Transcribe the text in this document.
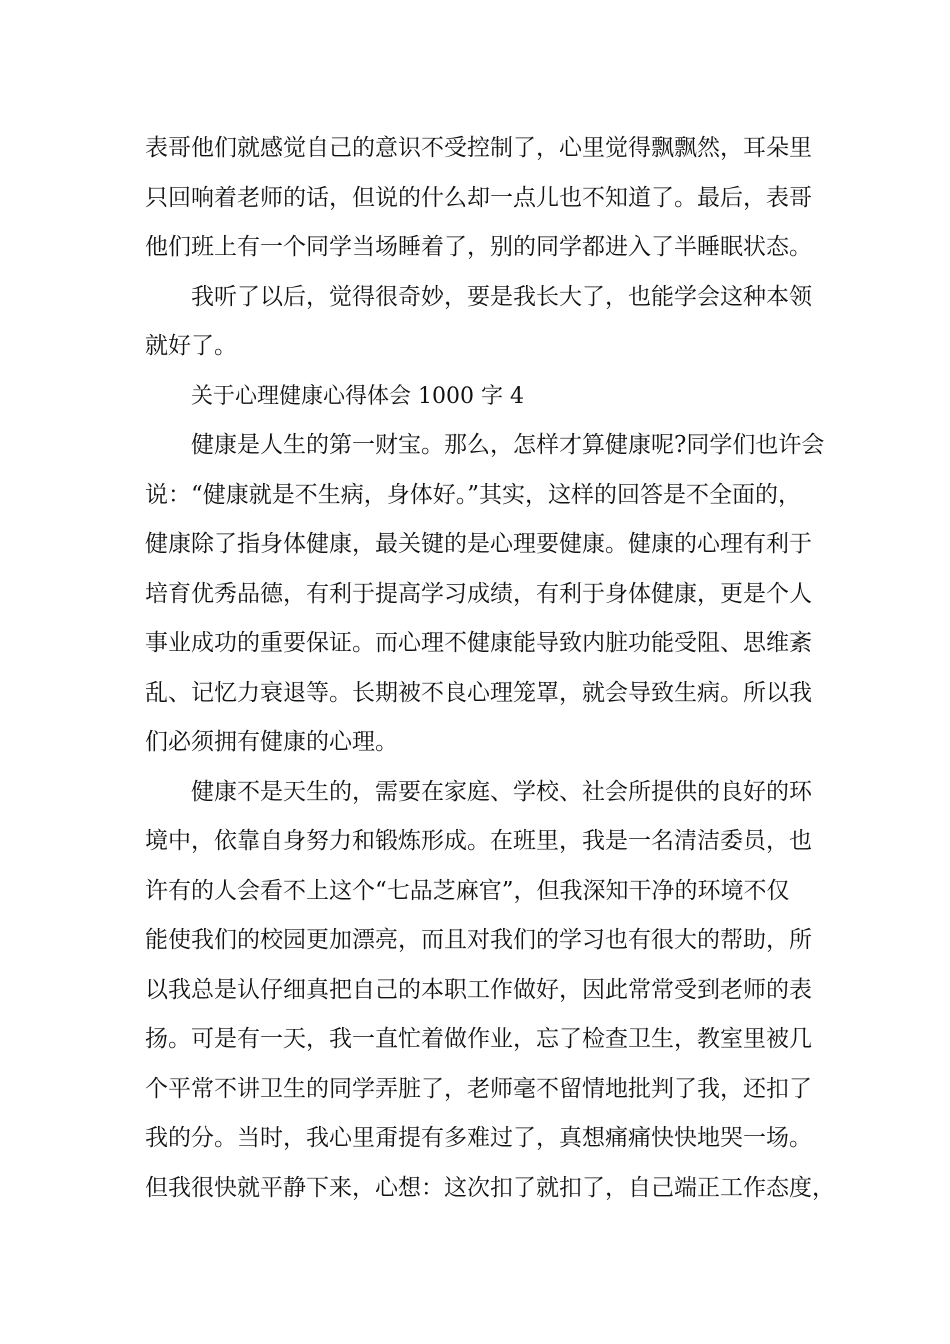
表哥他们就感觉自己的意识不受控制了，心里觉得飘飘然，耳朵里
只回响着老师的话，但说的什么却一点儿也不知道了。最后，表哥
他们班上有一个同学当场睡着了，别的同学都进入了半睡眠状态。
我听了以后，觉得很奇妙，要是我长大了，也能学会这种本领
就好了。
关于心理健康心得体会 1000 字 4
健康是人生的第一财宝。那么，怎样才算健康呢?同学们也许会
说：“健康就是不生病，身体好。”其实，这样的回答是不全面的，
健康除了指身体健康，最关键的是心理要健康。健康的心理有利于
培育优秀品德，有利于提高学习成绩，有利于身体健康，更是个人
事业成功的重要保证。而心理不健康能导致内脏功能受阻、思维紊
乱、记忆力衰退等。长期被不良心理笼罩，就会导致生病。所以我
们必须拥有健康的心理。
健康不是天生的，需要在家庭、学校、社会所提供的良好的环
境中，依靠自身努力和锻炼形成。在班里，我是一名清洁委员，也
许有的人会看不上这个“七品芝麻官”，但我深知干净的环境不仅
能使我们的校园更加漂亮，而且对我们的学习也有很大的帮助，所
以我总是认仔细真把自己的本职工作做好，因此常常受到老师的表
扬。可是有一天，我一直忙着做作业，忘了检查卫生，教室里被几
个平常不讲卫生的同学弄脏了，老师毫不留情地批判了我，还扣了
我的分。当时，我心里甭提有多难过了，真想痛痛快快地哭一场。
但我很快就平静下来，心想：这次扣了就扣了，自己端正工作态度，
